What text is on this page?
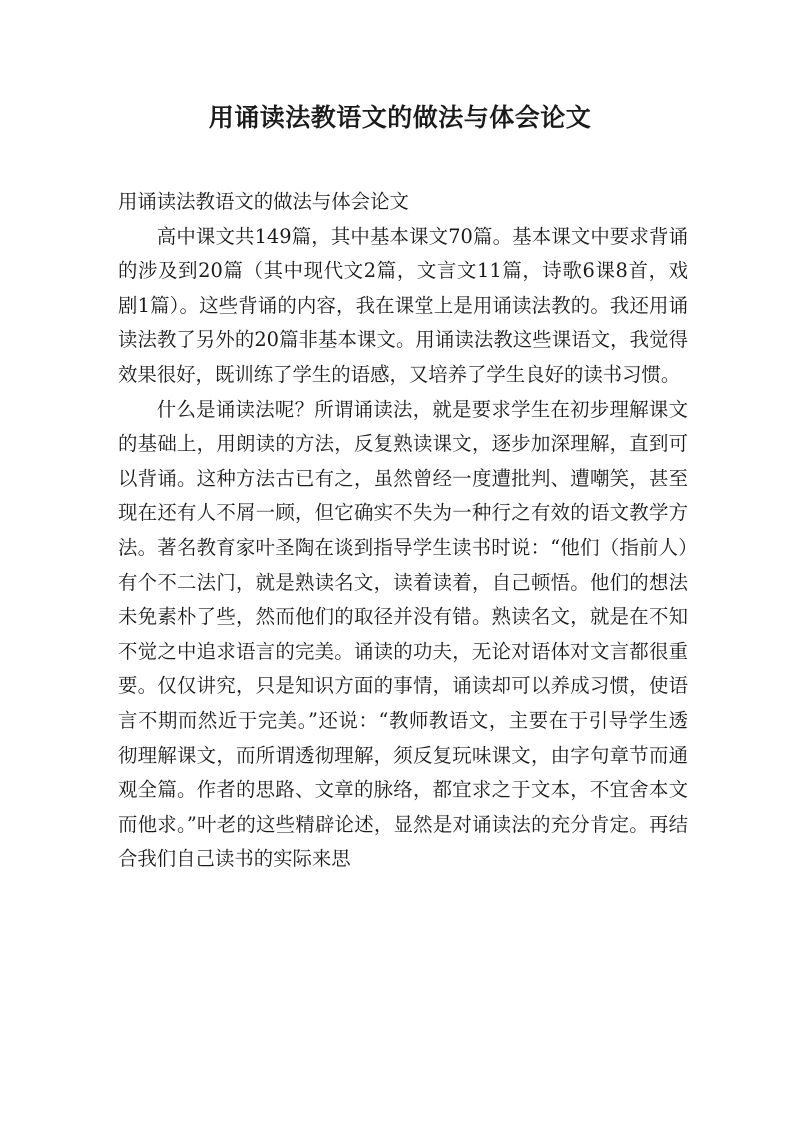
用诵读法教语文的做法与体会论文

用诵读法教语文的做法与体会论文

高中课文共149篇，其中基本课文70篇。基本课文中要求背诵的涉及到20篇（其中现代文2篇，文言文11篇，诗歌6课8首，戏剧1篇）。这些背诵的内容，我在课堂上是用诵读法教的。我还用诵读法教了另外的20篇非基本课文。用诵读法教这些课语文，我觉得效果很好，既训练了学生的语感，又培养了学生良好的读书习惯。

什么是诵读法呢？所谓诵读法，就是要求学生在初步理解课文的基础上，用朗读的方法，反复熟读课文，逐步加深理解，直到可以背诵。这种方法古已有之，虽然曾经一度遭批判、遭嘲笑，甚至现在还有人不屑一顾，但它确实不失为一种行之有效的语文教学方法。著名教育家叶圣陶在谈到指导学生读书时说：“他们（指前人）有个不二法门，就是熟读名文，读着读着，自己顿悟。他们的想法未免素朴了些，然而他们的取径并没有错。熟读名文，就是在不知不觉之中追求语言的完美。诵读的功夫，无论对语体对文言都很重要。仅仅讲究，只是知识方面的事情，诵读却可以养成习惯，使语言不期而然近于完美。”还说：“教师教语文，主要在于引导学生透彻理解课文，而所谓透彻理解，须反复玩味课文，由字句章节而通观全篇。作者的思路、文章的脉络，都宜求之于文本，不宜舍本文而他求。”叶老的这些精辟论述，显然是对诵读法的充分肯定。再结合我们自己读书的实际来思
